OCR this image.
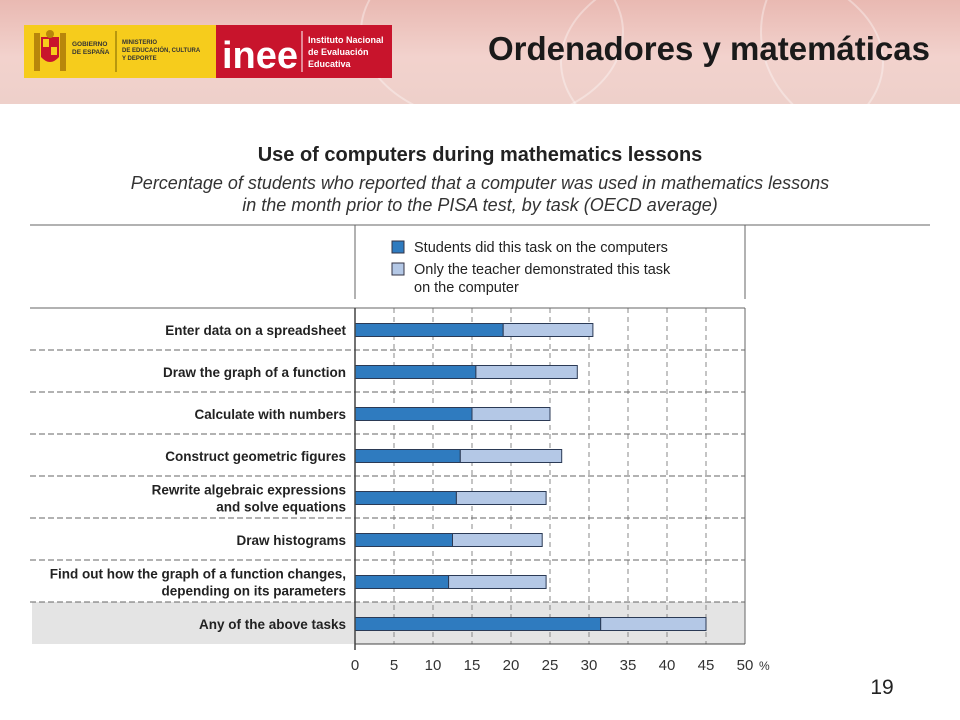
GOBIERNO
DE ESPAÑA
MINISTERIO
DE EDUCACIÓN, CULTURA
Y DEPORTE inee Instituto Nacional
de Evaluación
Educativa	Ordenadores y matemáticas
Use of computers during mathematics lessons
Percentage of students who reported that a computer was used in mathematics lessons
in the month prior to the PISA test, by task (OECD average)
Enter data on a spreadsheet
Draw the graph of a function
Calculate with numbers
Construct geometric figures
Rewrite algebraic expressions
and solve equations
Draw histograms
Find out how the graph of a function changes,
depending on its parameters
Any of the above tasks
0 5 10 15 20 25 30 35 40 45 50 %
Students did this task on the computers
Only the teacher demonstrated this task
on the computer
19
